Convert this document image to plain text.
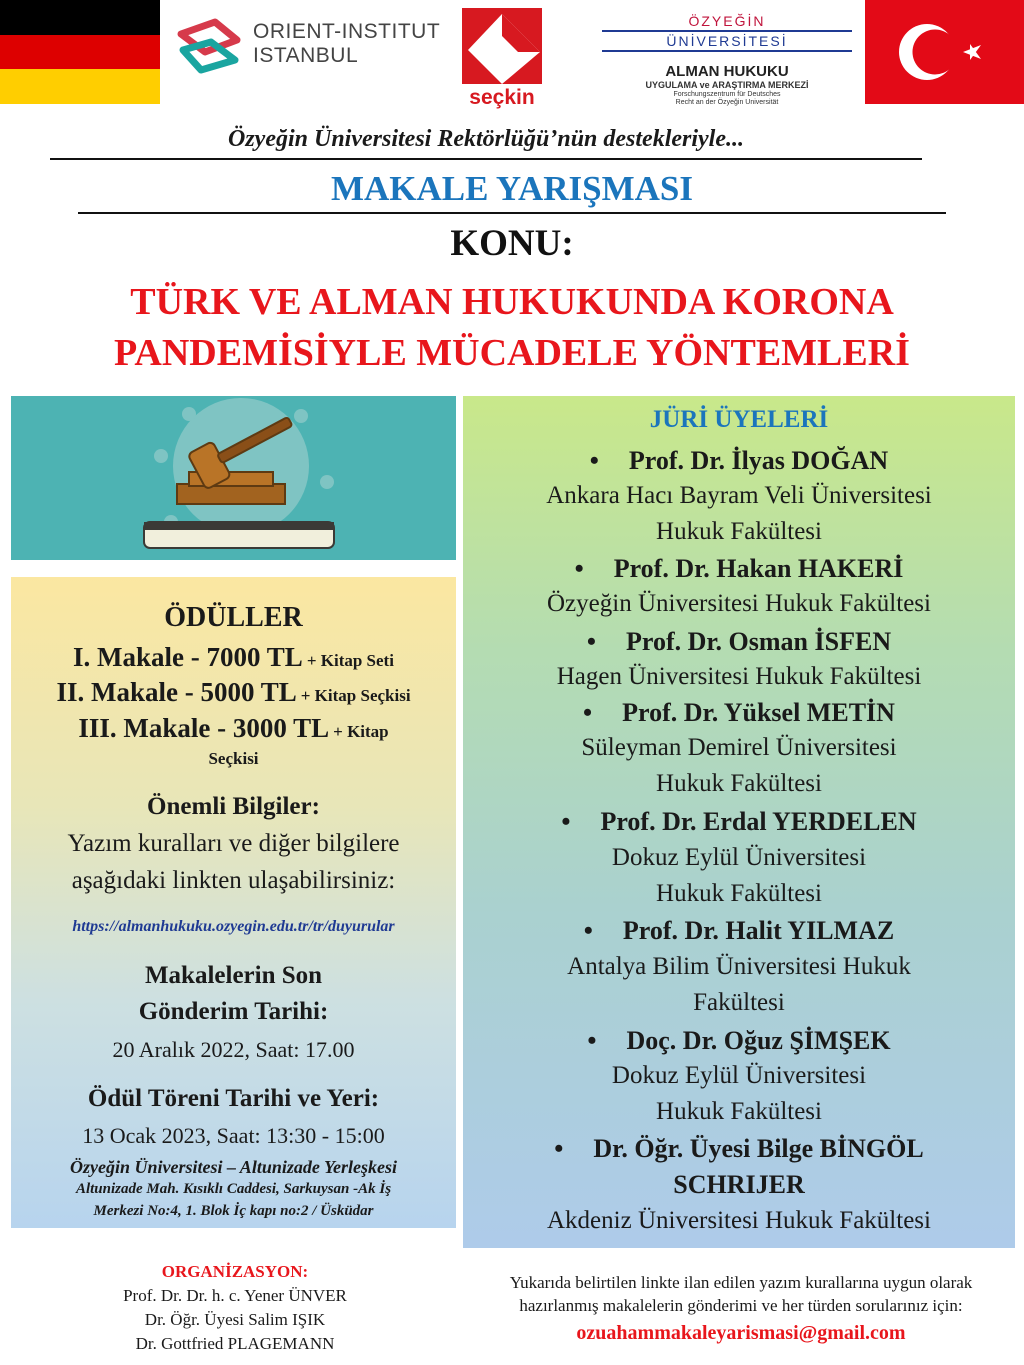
ORIENT-INSTITUT
ISTANBUL
seçkin
ÖZYEĞİN
ÜNİVERSİTESİ
ALMAN HUKUKU
UYGULAMA ve ARAŞTIRMA MERKEZİ
Forschungszentrum für Deutsches
Recht an der Özyeğin Universität
Özyeğin Üniversitesi Rektörlüğü’nün destekleriyle...
MAKALE YARIŞMASI
KONU:
TÜRK VE ALMAN HUKUKUNDA KORONA
PANDEMİSİYLE MÜCADELE YÖNTEMLERİ
ÖDÜLLER
I. Makale - 7000 TL + Kitap Seti
II. Makale - 5000 TL + Kitap Seçkisi
III. Makale - 3000 TL + Kitap
Seçkisi
Önemli Bilgiler:
Yazım kuralları ve diğer bilgilere
aşağıdaki linkten ulaşabilirsiniz:
https://almanhukuku.ozyegin.edu.tr/tr/duyurular
Makalelerin Son
Gönderim Tarihi:
20 Aralık 2022, Saat: 17.00
Ödül Töreni Tarihi ve Yeri:
13 Ocak 2023, Saat: 13:30 - 15:00
Özyeğin Üniversitesi – Altunizade Yerleşkesi
Altunizade Mah. Kısıklı Caddesi, Sarkuysan -Ak İş
Merkezi No:4, 1. Blok İç kapı no:2 / Üsküdar
JÜRİ ÜYELERİ
• Prof. Dr. İlyas DOĞAN
Ankara Hacı Bayram Veli Üniversitesi
Hukuk Fakültesi
• Prof. Dr. Hakan HAKERİ
Özyeğin Üniversitesi Hukuk Fakültesi
• Prof. Dr. Osman İSFEN
Hagen Üniversitesi Hukuk Fakültesi
• Prof. Dr. Yüksel METİN
Süleyman Demirel Üniversitesi
Hukuk Fakültesi
• Prof. Dr. Erdal YERDELEN
Dokuz Eylül Üniversitesi
Hukuk Fakültesi
• Prof. Dr. Halit YILMAZ
Antalya Bilim Üniversitesi Hukuk
Fakültesi
• Doç. Dr. Oğuz ŞİMŞEK
Dokuz Eylül Üniversitesi
Hukuk Fakültesi
• Dr. Öğr. Üyesi Bilge BİNGÖL
SCHRIJER
Akdeniz Üniversitesi Hukuk Fakültesi
ORGANİZASYON:
Prof. Dr. Dr. h. c. Yener ÜNVER
Dr. Öğr. Üyesi Salim IŞIK
Dr. Gottfried PLAGEMANN
Yukarıda belirtilen linkte ilan edilen yazım kurallarına uygun olarak
hazırlanmış makalelerin gönderimi ve her türden sorularınız için:
ozuahammakaleyarismasi@gmail.com
